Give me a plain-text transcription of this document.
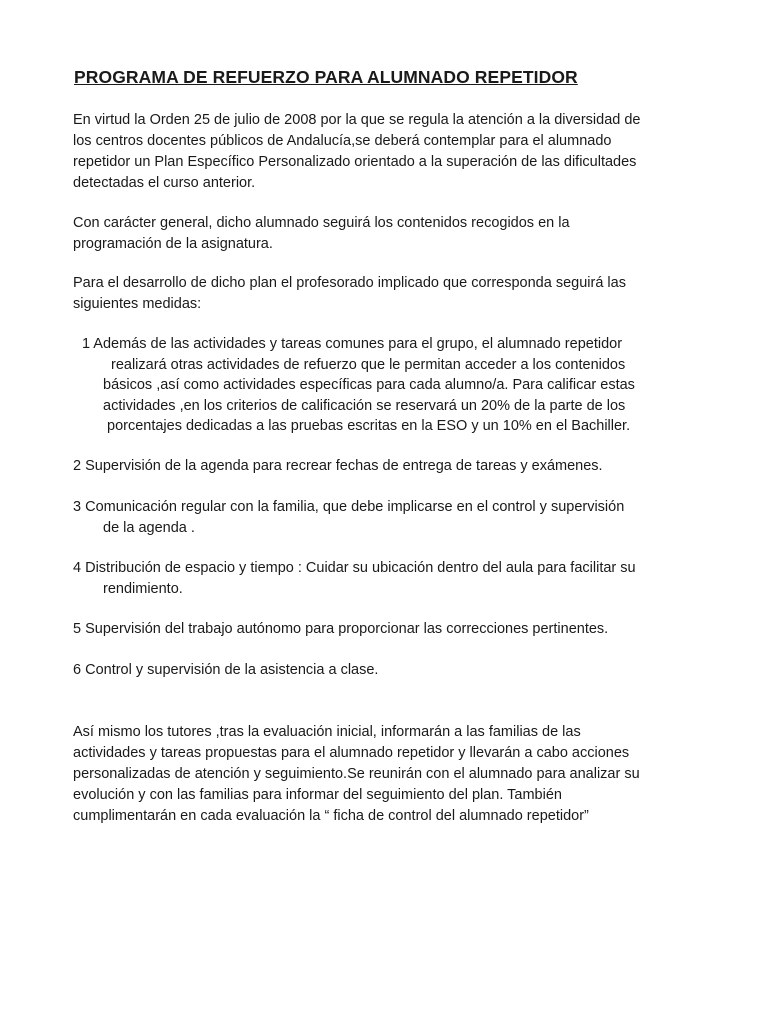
PROGRAMA DE REFUERZO PARA ALUMNADO REPETIDOR

En virtud la Orden 25 de julio de 2008 por la que se regula la atención a la diversidad de
los centros docentes públicos de Andalucía,se deberá contemplar para el alumnado
repetidor un Plan Específico Personalizado orientado a la superación de las dificultades
detectadas el curso anterior.

Con carácter general, dicho alumnado seguirá los contenidos recogidos en la
programación de la asignatura.

Para el desarrollo de dicho plan el profesorado implicado que corresponda seguirá las
siguientes medidas:

1 Además de las actividades y tareas comunes para el grupo, el alumnado repetidor
realizará otras actividades de refuerzo que le permitan acceder a los contenidos
básicos ,así como actividades específicas para cada alumno/a. Para calificar estas
actividades ,en los criterios de calificación se reservará un 20% de la parte de los
porcentajes dedicadas a las pruebas escritas en la ESO y un 10% en el Bachiller.
2 Supervisión de la agenda para recrear fechas de entrega de tareas y exámenes.
3 Comunicación regular con la familia, que debe implicarse en el control y supervisión
de la agenda .
4 Distribución de espacio y tiempo : Cuidar su ubicación dentro del aula para facilitar su
rendimiento.
5 Supervisión del trabajo autónomo para proporcionar las correcciones pertinentes.
6 Control y supervisión de la asistencia a clase.

Así mismo los tutores ,tras la evaluación inicial, informarán a las familias de las
actividades y tareas propuestas para el alumnado repetidor y llevarán a cabo acciones
personalizadas de atención y seguimiento.Se reunirán con el alumnado para analizar su
evolución y con las familias para informar del seguimiento del plan. También
cumplimentarán en cada evaluación la “ ficha de control del alumnado repetidor”
